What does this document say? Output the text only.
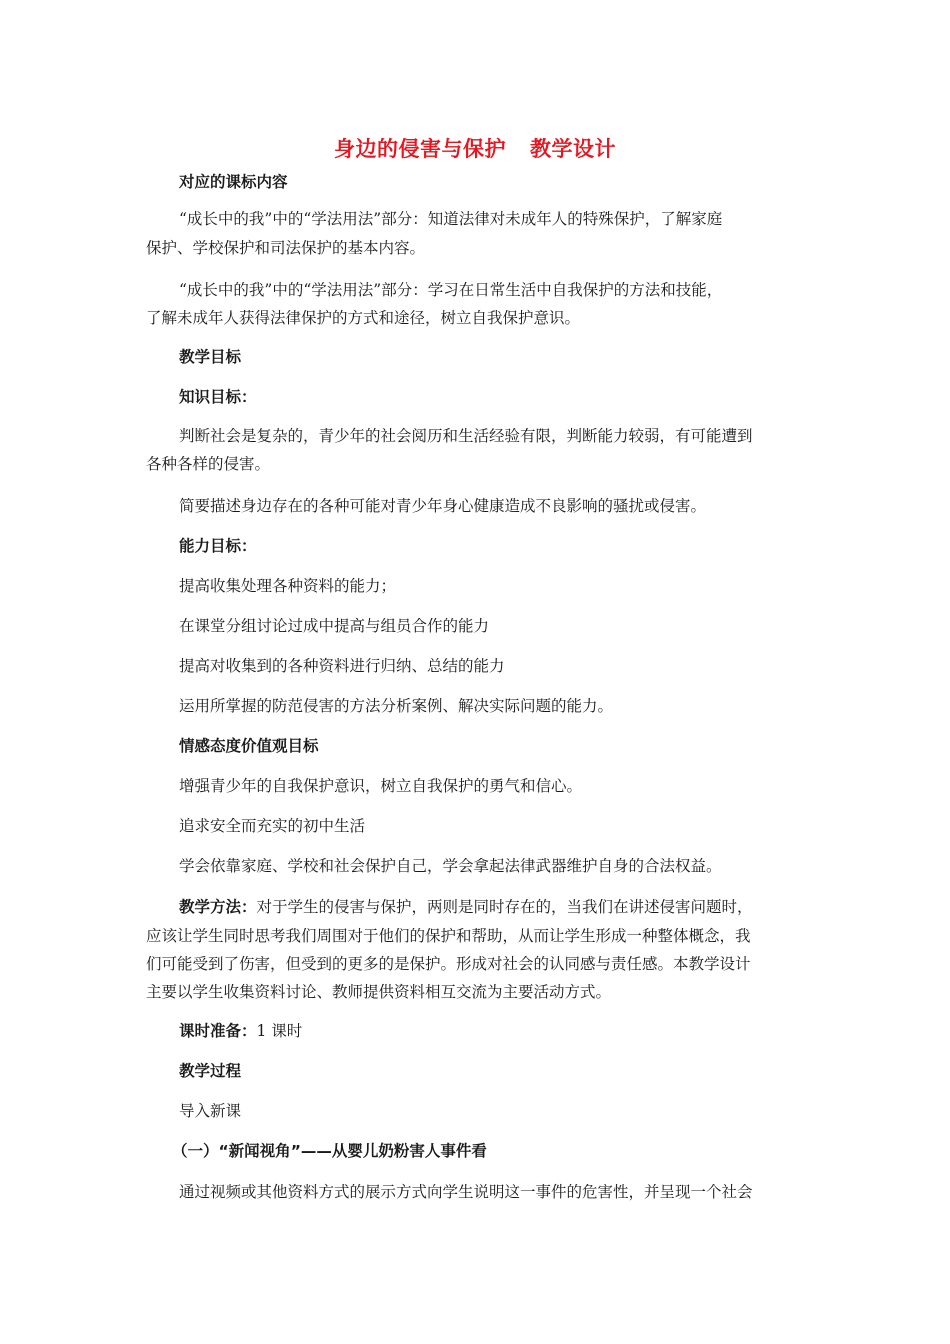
身边的侵害与保护 教学设计
对应的课标内容
“成长中的我”中的“学法用法”部分：知道法律对未成年人的特殊保护，了解家庭
保护、学校保护和司法保护的基本内容。
“成长中的我”中的“学法用法”部分：学习在日常生活中自我保护的方法和技能，
了解未成年人获得法律保护的方式和途径，树立自我保护意识。
教学目标
知识目标：
判断社会是复杂的，青少年的社会阅历和生活经验有限，判断能力较弱，有可能遭到
各种各样的侵害。
简要描述身边存在的各种可能对青少年身心健康造成不良影响的骚扰或侵害。
能力目标：
提高收集处理各种资料的能力；
在课堂分组讨论过成中提高与组员合作的能力
提高对收集到的各种资料进行归纳、总结的能力
运用所掌握的防范侵害的方法分析案例、解决实际问题的能力。
情感态度价值观目标
增强青少年的自我保护意识，树立自我保护的勇气和信心。
追求安全而充实的初中生活
学会依靠家庭、学校和社会保护自己，学会拿起法律武器维护自身的合法权益。
教学方法：对于学生的侵害与保护，两则是同时存在的，当我们在讲述侵害问题时，
应该让学生同时思考我们周围对于他们的保护和帮助，从而让学生形成一种整体概念，我
们可能受到了伤害，但受到的更多的是保护。形成对社会的认同感与责任感。本教学设计
主要以学生收集资料讨论、教师提供资料相互交流为主要活动方式。
课时准备：1 课时
教学过程
导入新课
（一）“新闻视角”——从婴儿奶粉害人事件看
通过视频或其他资料方式的展示方式向学生说明这一事件的危害性，并呈现一个社会
